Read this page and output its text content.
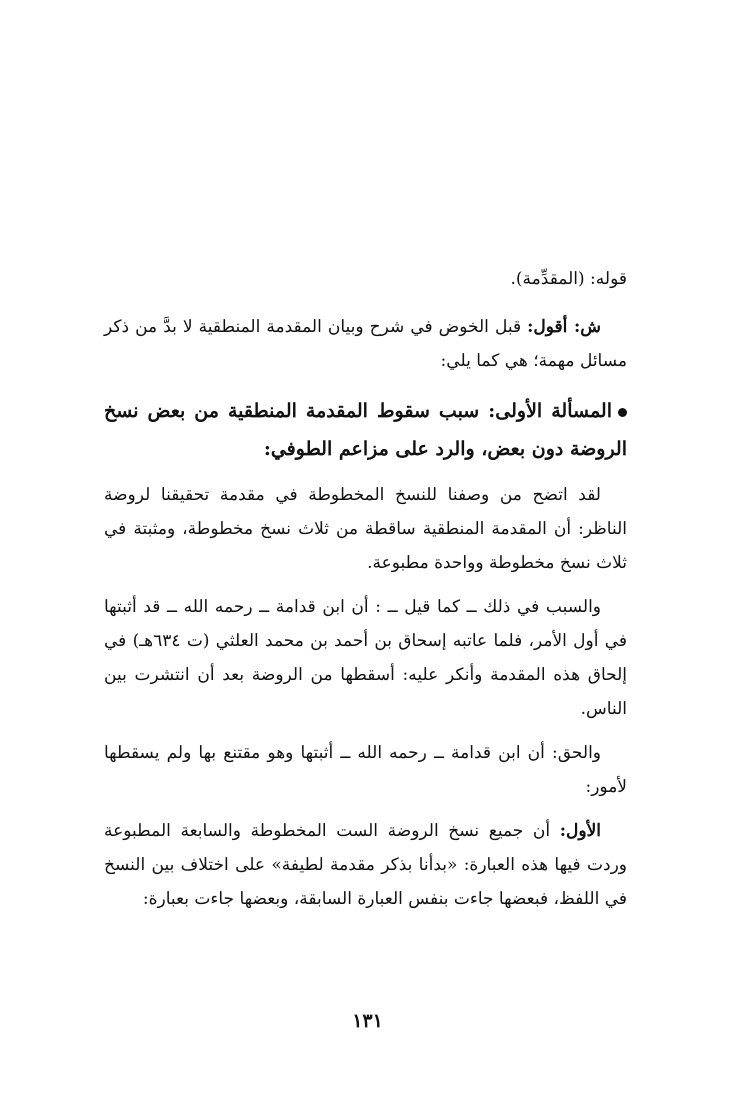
قوله: (المقدِّمة).

ش: أقول: قبل الخوض في شرح وبيان المقدمة المنطقية لا بدَّ من ذكر مسائل مهمة؛ هي كما يلي:

المسألة الأولى: سبب سقوط المقدمة المنطقية من بعض نسخ الروضة دون بعض، والرد على مزاعم الطوفي:

لقد اتضح من وصفنا للنسخ المخطوطة في مقدمة تحقيقنا لروضة الناظر: أن المقدمة المنطقية ساقطة من ثلاث نسخ مخطوطة، ومثبتة في ثلاث نسخ مخطوطة وواحدة مطبوعة.

والسبب في ذلك ــ كما قيل ــ : أن ابن قدامة ــ رحمه الله ــ قد أثبتها في أول الأمر، فلما عاتبه إسحاق بن أحمد بن محمد العلثي (ت ٦٣٤هـ) في إلحاق هذه المقدمة وأنكر عليه: أسقطها من الروضة بعد أن انتشرت بين الناس.

والحق: أن ابن قدامة ــ رحمه الله ــ أثبتها وهو مقتنع بها ولم يسقطها لأمور:

الأول: أن جميع نسخ الروضة الست المخطوطة والسابعة المطبوعة وردت فيها هذه العبارة: «بدأنا بذكر مقدمة لطيفة» على اختلاف بين النسخ في اللفظ، فبعضها جاءت بنفس العبارة السابقة، وبعضها جاءت بعبارة:

١٣١
